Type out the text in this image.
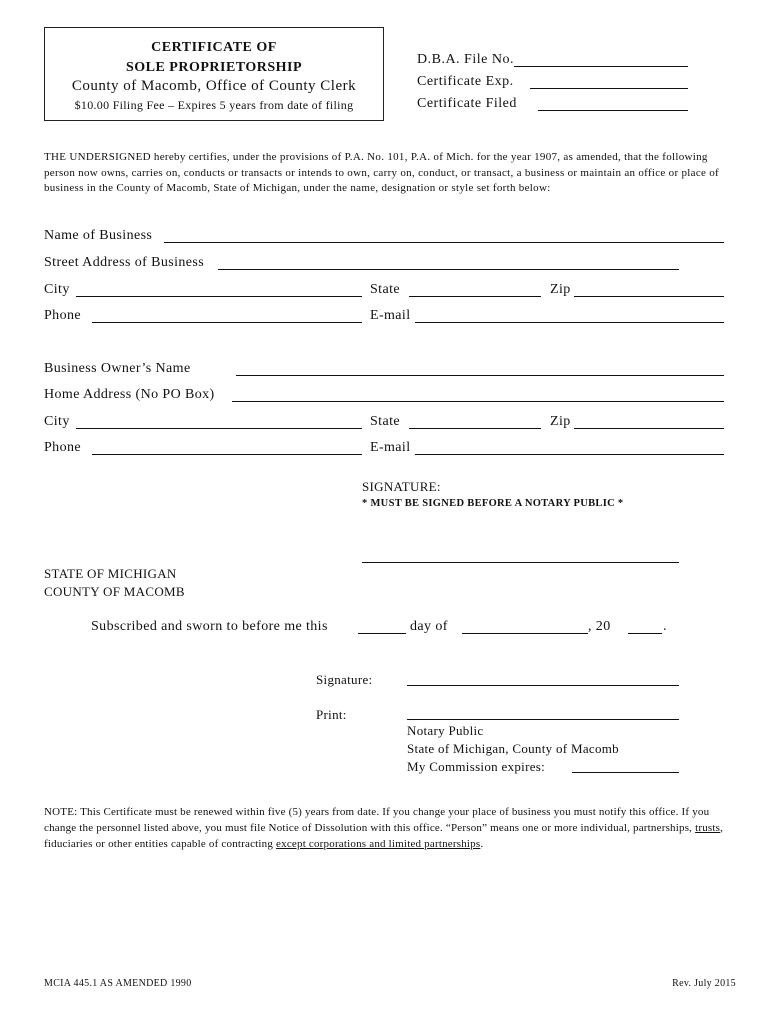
CERTIFICATE OF
SOLE PROPRIETORSHIP
County of Macomb, Office of County Clerk
$10.00 Filing Fee – Expires 5 years from date of filing
D.B.A. File No.
Certificate Exp.
Certificate Filed
THE UNDERSIGNED hereby certifies, under the provisions of P.A. No. 101, P.A. of Mich. for the year 1907, as amended, that the following person now owns, carries on, conducts or transacts or intends to own, carry on, conduct, or transact, a business or maintain an office or place of business in the County of Macomb, State of Michigan, under the name, designation or style set forth below:
Name of Business
Street Address of Business
City	State	Zip
Phone	E-mail
Business Owner’s Name
Home Address (No PO Box)
City	State	Zip
Phone	E-mail
SIGNATURE:
* MUST BE SIGNED BEFORE A NOTARY PUBLIC *
STATE OF MICHIGAN
COUNTY OF MACOMB
Subscribed and sworn to before me this	day of	, 20	.
Signature:
Print:
Notary Public
State of Michigan, County of Macomb
My Commission expires:
NOTE: This Certificate must be renewed within five (5) years from date. If you change your place of business you must notify this office. If you change the personnel listed above, you must file Notice of Dissolution with this office. “Person” means one or more individual, partnerships, trusts, fiduciaries or other entities capable of contracting except corporations and limited partnerships.
MCIA 445.1 AS AMENDED 1990	Rev. July 2015
